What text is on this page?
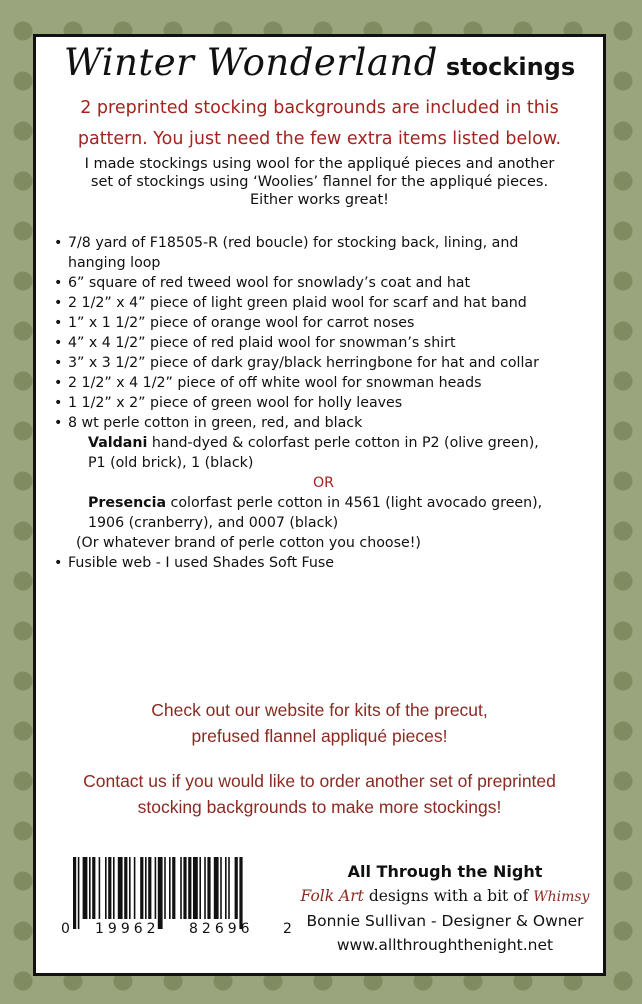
Winter Wonderland stockings
2 preprinted stocking backgrounds are included in this
pattern. You just need the few extra items listed below.
I made stockings using wool for the appliqué pieces and another
set of stockings using ‘Woolies’ flannel for the appliqué pieces.
Either works great!
• 7/8 yard of F18505-R (red boucle) for stocking back, lining, and hanging loop
• 6” square of red tweed wool for snowlady’s coat and hat
• 2 1/2” x 4” piece of light green plaid wool for scarf and hat band
• 1” x 1 1/2” piece of orange wool for carrot noses
• 4” x 4 1/2” piece of red plaid wool for snowman’s shirt
• 3” x 3 1/2” piece of dark gray/black herringbone for hat and collar
• 2 1/2” x 4 1/2” piece of off white wool for snowman heads
• 1 1/2” x 2” piece of green wool for holly leaves
• 8 wt perle cotton in green, red, and black
Valdani hand-dyed & colorfast perle cotton in P2 (olive green),
P1 (old brick), 1 (black)
OR
Presencia colorfast perle cotton in 4561 (light avocado green),
1906 (cranberry), and 0007 (black)
(Or whatever brand of perle cotton you choose!)
• Fusible web - I used Shades Soft Fuse
Check out our website for kits of the precut,
prefused flannel appliqué pieces!
Contact us if you would like to order another set of preprinted
stocking backgrounds to make more stockings!
0 19962 82696 2
All Through the Night
Folk Art designs with a bit of Whimsy
Bonnie Sullivan - Designer & Owner
www.allthroughthenight.net
